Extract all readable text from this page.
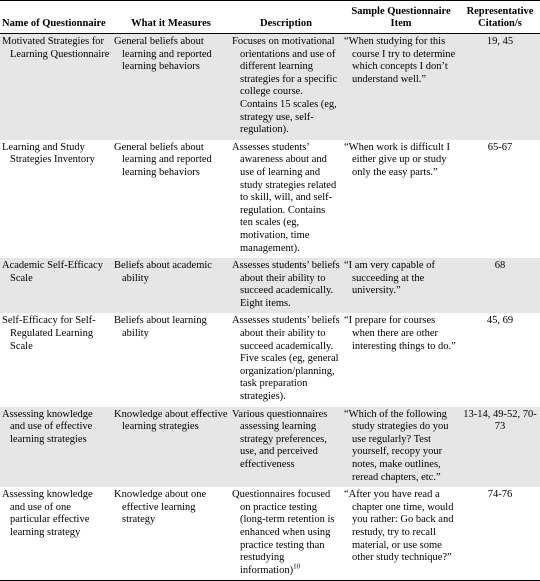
Name of Questionnaire	What it Measures	Description	Sample Questionnaire Item	Representative Citation/s
Motivated Strategies for Learning Questionnaire	General beliefs about learning and reported learning behaviors	Focuses on motivational orientations and use of different learning strategies for a specific college course. Contains 15 scales (eg, strategy use, self-regulation).	“When studying for this course I try to determine which concepts I don’t understand well.”	19, 45
Learning and Study Strategies Inventory	General beliefs about learning and reported learning behaviors	Assesses students’ awareness about and use of learning and study strategies related to skill, will, and self-regulation. Contains ten scales (eg, motivation, time management).	“When work is difficult I either give up or study only the easy parts.”	65-67
Academic Self-Efficacy Scale	Beliefs about academic ability	Assesses students’ beliefs about their ability to succeed academically. Eight items.	“I am very capable of succeeding at the university.”	68
Self-Efficacy for Self-Regulated Learning Scale	Beliefs about learning ability	Assesses students’ beliefs about their ability to succeed academically. Five scales (eg, general organization/planning, task preparation strategies).	“I prepare for courses when there are other interesting things to do.”	45, 69
Assessing knowledge and use of effective learning strategies	Knowledge about effective learning strategies	Various questionnaires assessing learning strategy preferences, use, and perceived effectiveness	“Which of the following study strategies do you use regularly? Test yourself, recopy your notes, make outlines, reread chapters, etc.”	13-14, 49-52, 70-73
Assessing knowledge and use of one particular effective learning strategy	Knowledge about one effective learning strategy	Questionnaires focused on practice testing (long-term retention is enhanced when using practice testing than restudying information)$^{10}$	“After you have read a chapter one time, would you rather: Go back and restudy, try to recall material, or use some other study technique?”	74-76
